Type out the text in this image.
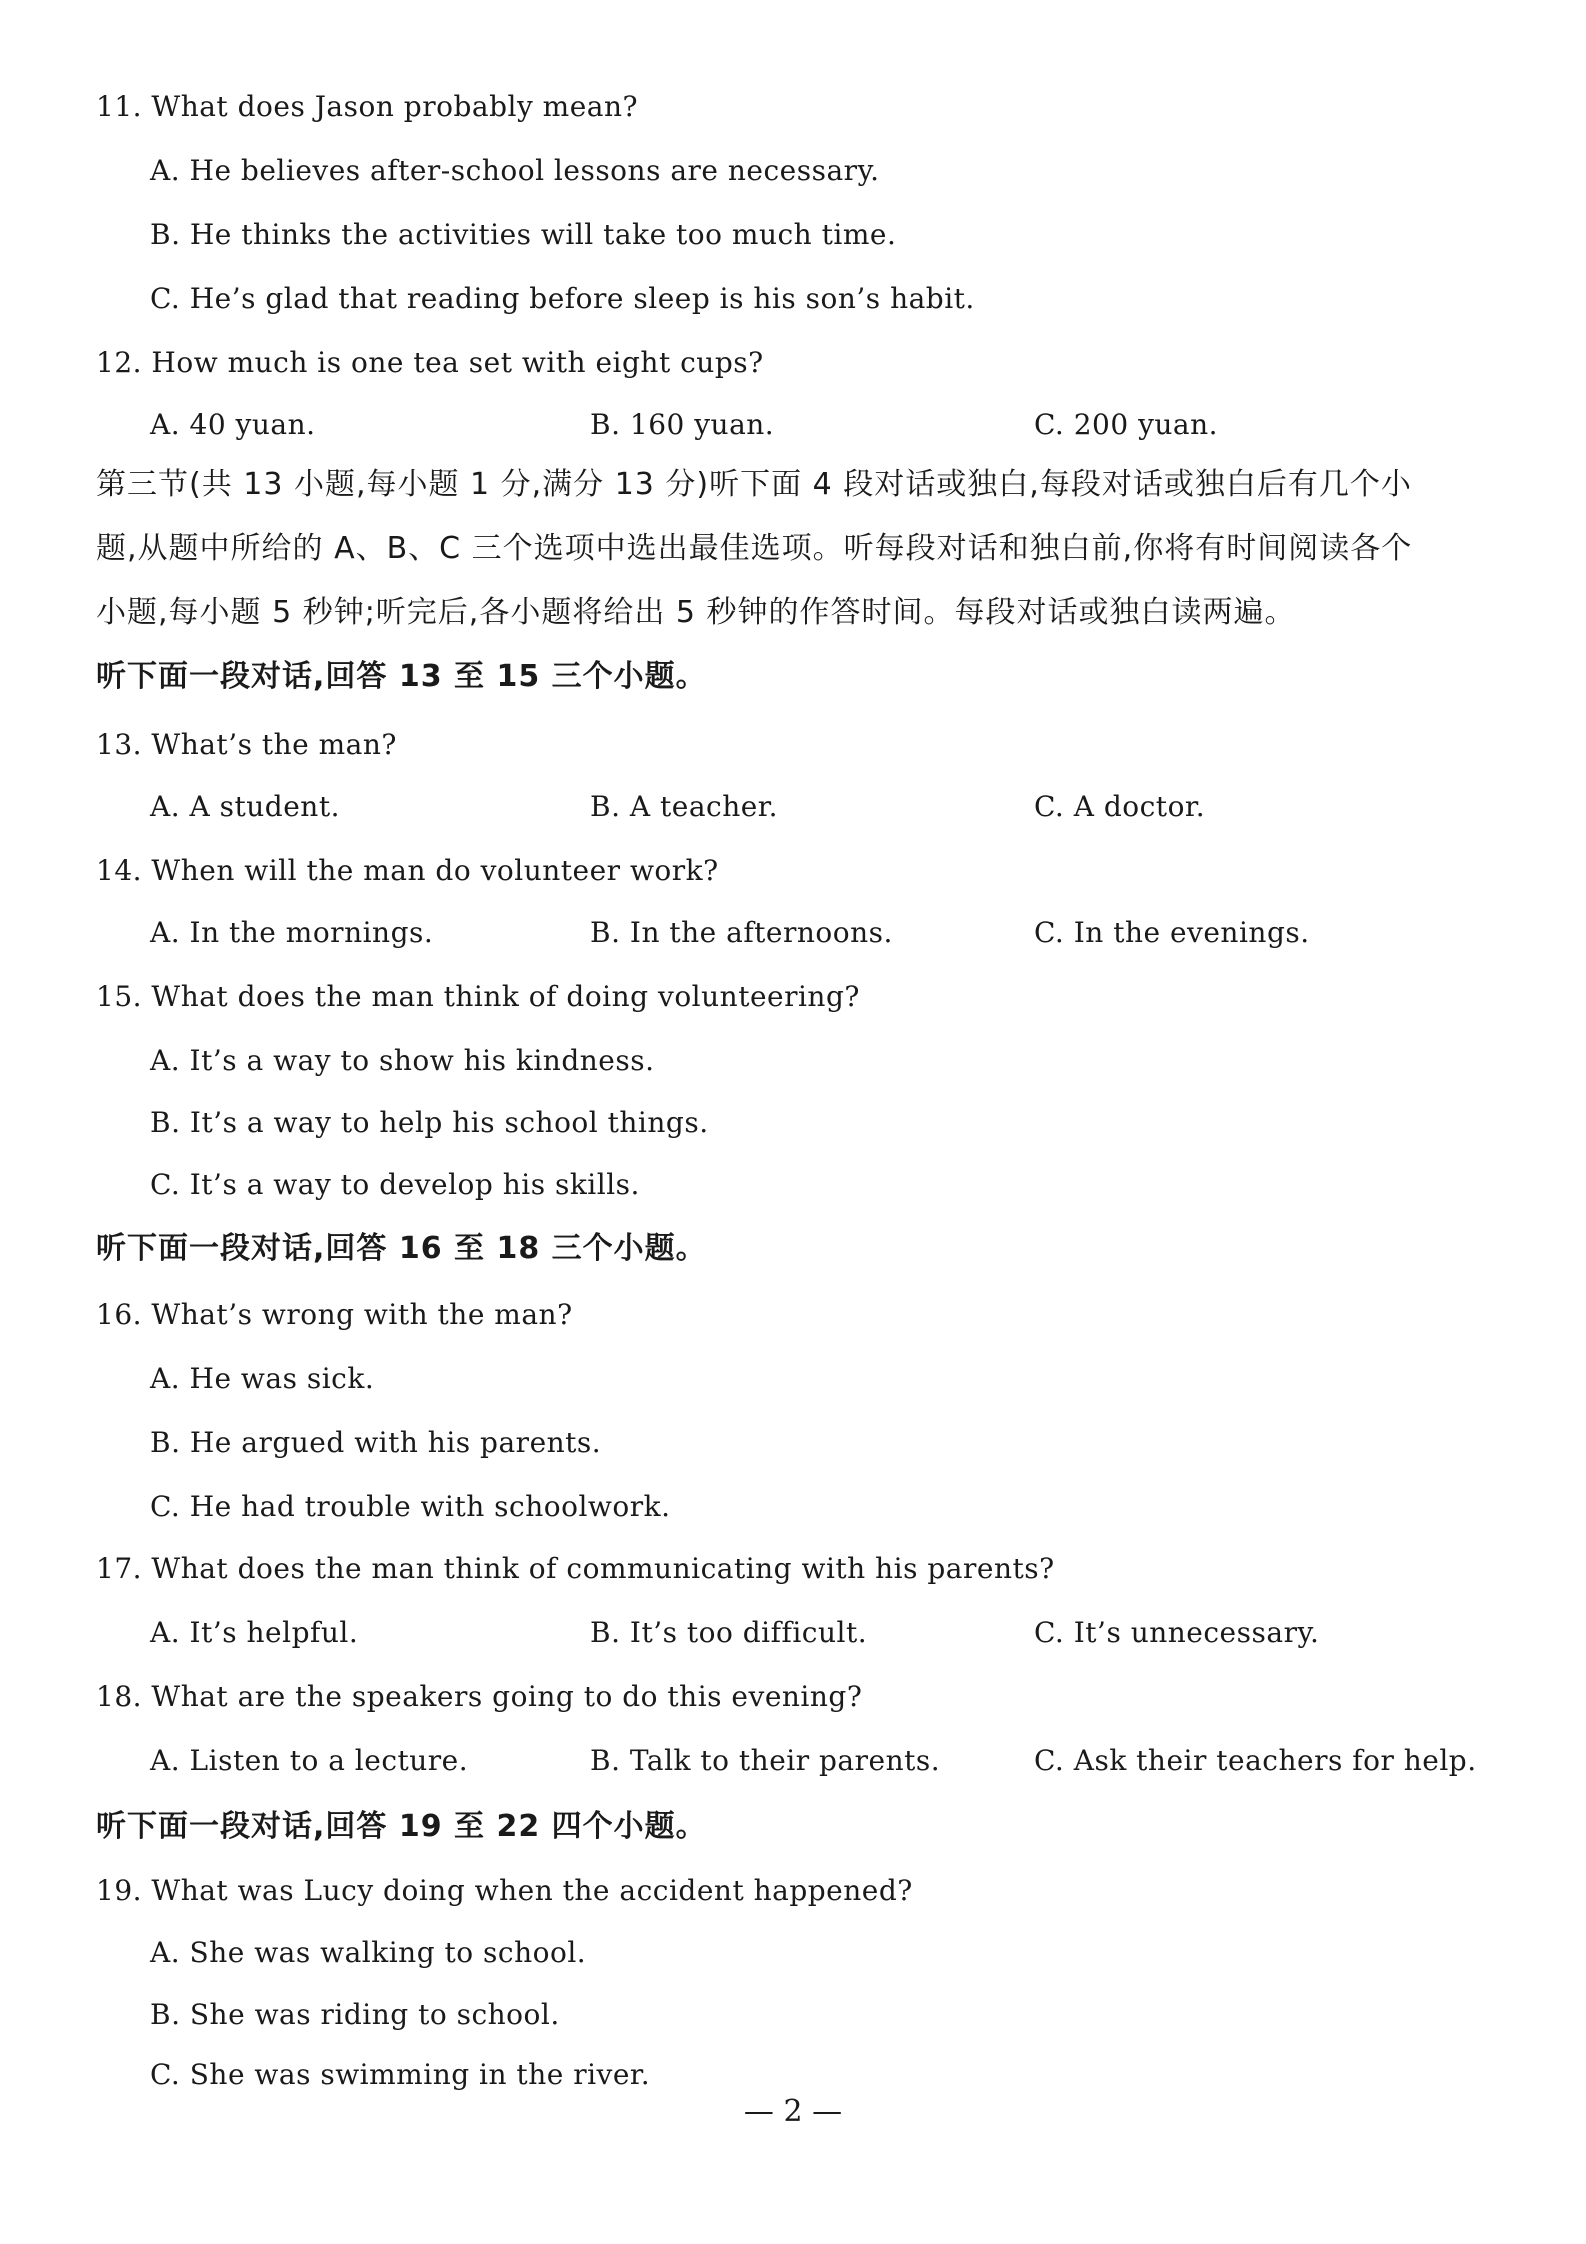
11. What does Jason probably mean?
A. He believes after-school lessons are necessary.
B. He thinks the activities will take too much time.
C. He’s glad that reading before sleep is his son’s habit.
12. How much is one tea set with eight cups?
A. 40 yuan.	B. 160 yuan.	C. 200 yuan.
第三节(共 13 小题,每小题 1 分,满分 13 分)听下面 4 段对话或独白,每段对话或独白后有几个小
题,从题中所给的 A、B、C 三个选项中选出最佳选项。听每段对话和独白前,你将有时间阅读各个
小题,每小题 5 秒钟;听完后,各小题将给出 5 秒钟的作答时间。每段对话或独白读两遍。
听下面一段对话,回答 13 至 15 三个小题。
13. What’s the man?
A. A student.	B. A teacher.	C. A doctor.
14. When will the man do volunteer work?
A. In the mornings.	B. In the afternoons.	C. In the evenings.
15. What does the man think of doing volunteering?
A. It’s a way to show his kindness.
B. It’s a way to help his school things.
C. It’s a way to develop his skills.
听下面一段对话,回答 16 至 18 三个小题。
16. What’s wrong with the man?
A. He was sick.
B. He argued with his parents.
C. He had trouble with schoolwork.
17. What does the man think of communicating with his parents?
A. It’s helpful.	B. It’s too difficult.	C. It’s unnecessary.
18. What are the speakers going to do this evening?
A. Listen to a lecture.	B. Talk to their parents.	C. Ask their teachers for help.
听下面一段对话,回答 19 至 22 四个小题。
19. What was Lucy doing when the accident happened?
A. She was walking to school.
B. She was riding to school.
C. She was swimming in the river.
— 2 —
